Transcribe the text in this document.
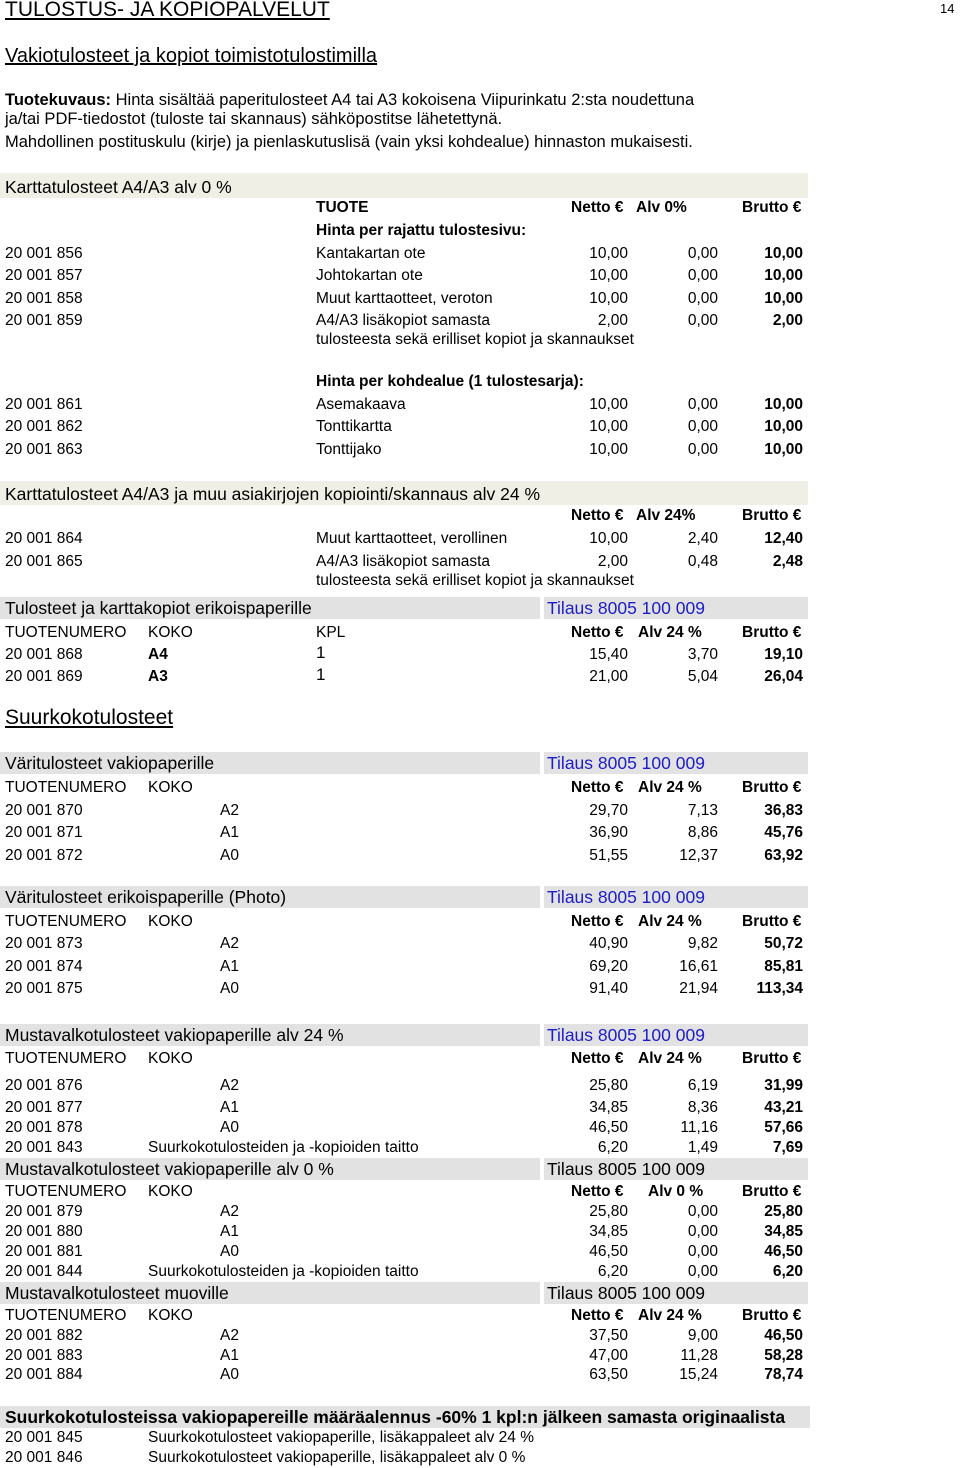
TULOSTUS- JA KOPIOPALVELUT	14
Vakiotulosteet ja kopiot toimistotulostimilla
Tuotekuvaus: Hinta sisältää paperitulosteet A4 tai A3 kokoisena Viipurinkatu 2:sta noudettuna
ja/tai PDF-tiedostot (tuloste tai skannaus) sähköpostitse lähetettynä.
Mahdollinen postituskulu (kirje) ja pienlaskutuslisä (vain yksi kohdealue) hinnaston mukaisesti.
Karttatulosteet A4/A3 alv 0 %
TUOTE	Netto € Alv 0%	Brutto €
Hinta per rajattu tulostesivu:
20 001 856	Kantakartan ote	10,00	0,00	10,00
20 001 857	Johtokartan ote	10,00	0,00	10,00
20 001 858	Muut karttaotteet, veroton	10,00	0,00	10,00
20 001 859	A4/A3 lisäkopiot samasta	2,00	0,00	2,00
tulosteesta sekä erilliset kopiot ja skannaukset
Hinta per kohdealue (1 tulostesarja):
20 001 861	Asemakaava	10,00	0,00	10,00
20 001 862	Tonttikartta	10,00	0,00	10,00
20 001 863	Tonttijako	10,00	0,00	10,00
Karttatulosteet A4/A3 ja muu asiakirjojen kopiointi/skannaus alv 24 %
Netto € Alv 24%	Brutto €
20 001 864	Muut karttaotteet, verollinen	10,00	2,40	12,40
20 001 865	A4/A3 lisäkopiot samasta	2,00	0,48	2,48
tulosteesta sekä erilliset kopiot ja skannaukset
Tulosteet ja karttakopiot erikoispaperille	Tilaus 8005 100 009
TUOTENUMERO KOKO	KPL	Netto € Alv 24 %	Brutto €
20 001 868	A4	1	15,40	3,70	19,10
20 001 869	A3	1	21,00	5,04	26,04
Suurkokotulosteet
Väritulosteet vakiopaperille	Tilaus 8005 100 009
TUOTENUMERO KOKO	Netto € Alv 24 %	Brutto €
20 001 870	A2	29,70	7,13	36,83
20 001 871	A1	36,90	8,86	45,76
20 001 872	A0	51,55	12,37	63,92
Väritulosteet erikoispaperille (Photo)	Tilaus 8005 100 009
TUOTENUMERO KOKO	Netto € Alv 24 %	Brutto €
20 001 873	A2	40,90	9,82	50,72
20 001 874	A1	69,20	16,61	85,81
20 001 875	A0	91,40	21,94	113,34
Mustavalkotulosteet vakiopaperille alv 24 %	Tilaus 8005 100 009
TUOTENUMERO KOKO	Netto € Alv 24 %	Brutto €
20 001 876	A2	25,80	6,19	31,99
20 001 877	A1	34,85	8,36	43,21
20 001 878	A0	46,50	11,16	57,66
20 001 843	Suurkokotulosteiden ja -kopioiden taitto	6,20	1,49	7,69
Mustavalkotulosteet vakiopaperille alv 0 %	Tilaus 8005 100 009
TUOTENUMERO KOKO	Netto € Alv 0 %	Brutto €
20 001 879	A2	25,80	0,00	25,80
20 001 880	A1	34,85	0,00	34,85
20 001 881	A0	46,50	0,00	46,50
20 001 844	Suurkokotulosteiden ja -kopioiden taitto	6,20	0,00	6,20
Mustavalkotulosteet muoville	Tilaus 8005 100 009
TUOTENUMERO KOKO	Netto € Alv 24 %	Brutto €
20 001 882	A2	37,50	9,00	46,50
20 001 883	A1	47,00	11,28	58,28
20 001 884	A0	63,50	15,24	78,74
Suurkokotulosteissa vakiopapereille määräalennus -60% 1 kpl:n jälkeen samasta originaalista
20 001 845	Suurkokotulosteet vakiopaperille, lisäkappaleet alv 24 %
20 001 846	Suurkokotulosteet vakiopaperille, lisäkappaleet alv 0 %
